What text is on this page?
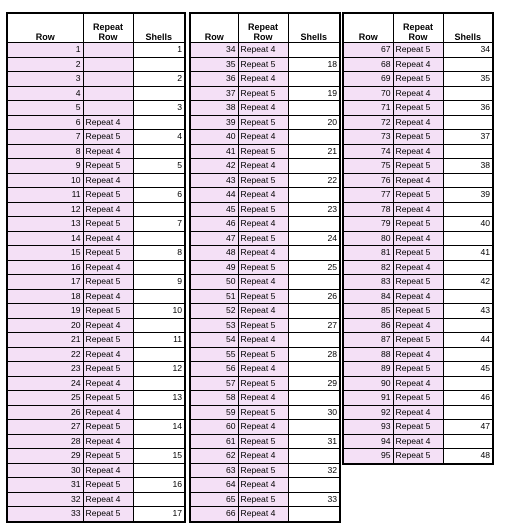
Row	Repeat Row	Shells
1		1
2		
3		2
4		
5		3
6	Repeat 4	
7	Repeat 5	4
8	Repeat 4	
9	Repeat 5	5
10	Repeat 4	
11	Repeat 5	6
12	Repeat 4	
13	Repeat 5	7
14	Repeat 4	
15	Repeat 5	8
16	Repeat 4	
17	Repeat 5	9
18	Repeat 4	
19	Repeat 5	10
20	Repeat 4	
21	Repeat 5	11
22	Repeat 4	
23	Repeat 5	12
24	Repeat 4	
25	Repeat 5	13
26	Repeat 4	
27	Repeat 5	14
28	Repeat 4	
29	Repeat 5	15
30	Repeat 4	
31	Repeat 5	16
32	Repeat 4	
33	Repeat 5	17
Row	Repeat Row	Shells
34	Repeat 4	
35	Repeat 5	18
36	Repeat 4	
37	Repeat 5	19
38	Repeat 4	
39	Repeat 5	20
40	Repeat 4	
41	Repeat 5	21
42	Repeat 4	
43	Repeat 5	22
44	Repeat 4	
45	Repeat 5	23
46	Repeat 4	
47	Repeat 5	24
48	Repeat 4	
49	Repeat 5	25
50	Repeat 4	
51	Repeat 5	26
52	Repeat 4	
53	Repeat 5	27
54	Repeat 4	
55	Repeat 5	28
56	Repeat 4	
57	Repeat 5	29
58	Repeat 4	
59	Repeat 5	30
60	Repeat 4	
61	Repeat 5	31
62	Repeat 4	
63	Repeat 5	32
64	Repeat 4	
65	Repeat 5	33
66	Repeat 4	
Row	Repeat Row	Shells
67	Repeat 5	34
68	Repeat 4	
69	Repeat 5	35
70	Repeat 4	
71	Repeat 5	36
72	Repeat 4	
73	Repeat 5	37
74	Repeat 4	
75	Repeat 5	38
76	Repeat 4	
77	Repeat 5	39
78	Repeat 4	
79	Repeat 5	40
80	Repeat 4	
81	Repeat 5	41
82	Repeat 4	
83	Repeat 5	42
84	Repeat 4	
85	Repeat 5	43
86	Repeat 4	
87	Repeat 5	44
88	Repeat 4	
89	Repeat 5	45
90	Repeat 4	
91	Repeat 5	46
92	Repeat 4	
93	Repeat 5	47
94	Repeat 4	
95	Repeat 5	48
